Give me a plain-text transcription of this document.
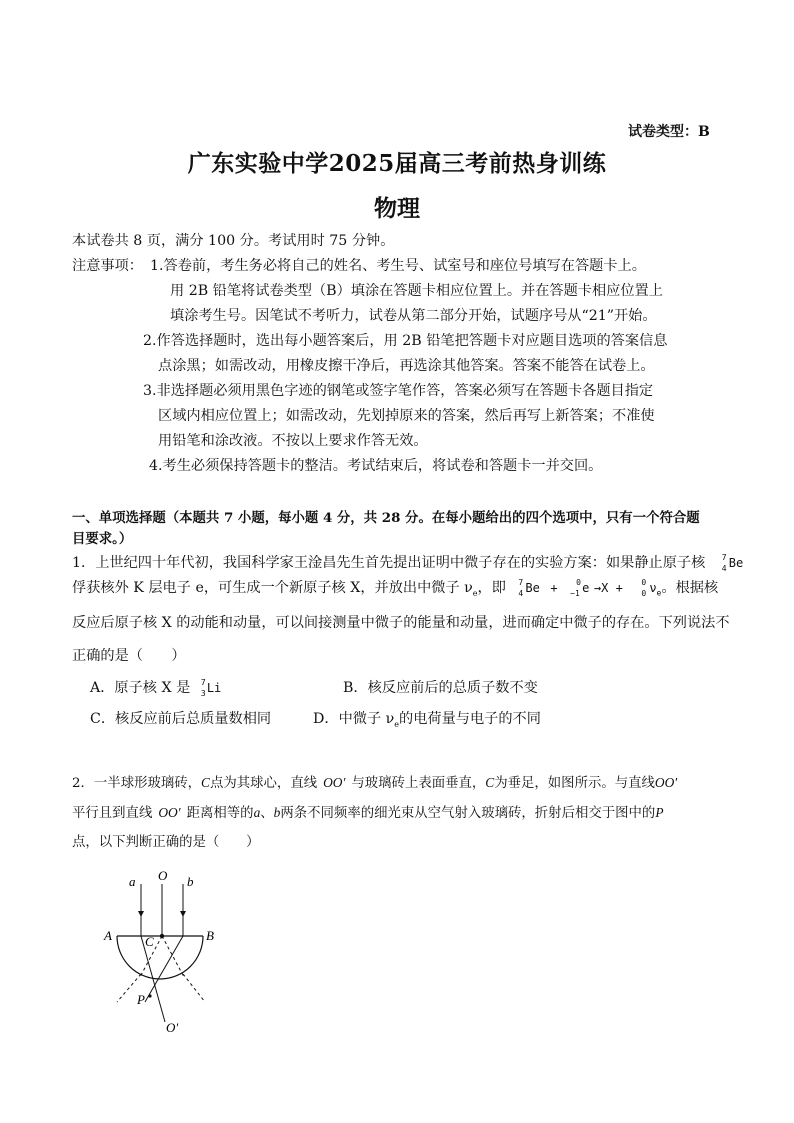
试卷类型：B
广东实验中学2025届高三考前热身训练
物理
本试卷共 8 页，满分 100 分。考试用时 75 分钟。
注意事项： 1.答卷前，考生务必将自己的姓名、考生号、试室号和座位号填写在答题卡上。
用 2B 铅笔将试卷类型（B）填涂在答题卡相应位置上。并在答题卡相应位置上
填涂考生号。因笔试不考听力，试卷从第二部分开始，试题序号从“21”开始。
2.作答选择题时，选出每小题答案后，用 2B 铅笔把答题卡对应题目选项的答案信息
点涂黑；如需改动，用橡皮擦干净后，再选涂其他答案。答案不能答在试卷上。
3.非选择题必须用黑色字迹的钢笔或签字笔作答，答案必须写在答题卡各题目指定
区域内相应位置上；如需改动，先划掉原来的答案，然后再写上新答案；不准使
用铅笔和涂改液。不按以上要求作答无效。
4.考生必须保持答题卡的整洁。考试结束后，将试卷和答题卡一并交回。
一、单项选择题（本题共 7 小题，每小题 4 分，共 28 分。在每小题给出的四个选项中，只有一个符合题
目要求。）
1．上世纪四十年代初，我国科学家王淦昌先生首先提出证明中微子存在的实验方案：如果静止原子核 7
4 Be
俘获核外 K 层电子 e，可生成一个新原子核 X，并放出中微子 $\nu_e$，即 7
4 Be + 0
−1 e →X + 0
0 $\nu_e$。根据核
反应后原子核 X 的动能和动量，可以间接测量中微子的能量和动量，进而确定中微子的存在。下列说法不
正确的是（　　）
A．原子核 X 是 7
3 Li	B．核反应前后的总质子数不变
C．核反应前后总质量数相同	D．中微子 $\nu_e$的电荷量与电子的不同
2．一半球形玻璃砖，C点为其球心，直线 OO′ 与玻璃砖上表面垂直，C为垂足，如图所示。与直线OO′
平行且到直线 OO′ 距离相等的a、b两条不同频率的细光束从空气射入玻璃砖，折射后相交于图中的P
点，以下判断正确的是（　　）
a O b
A	C	B
P
O′
